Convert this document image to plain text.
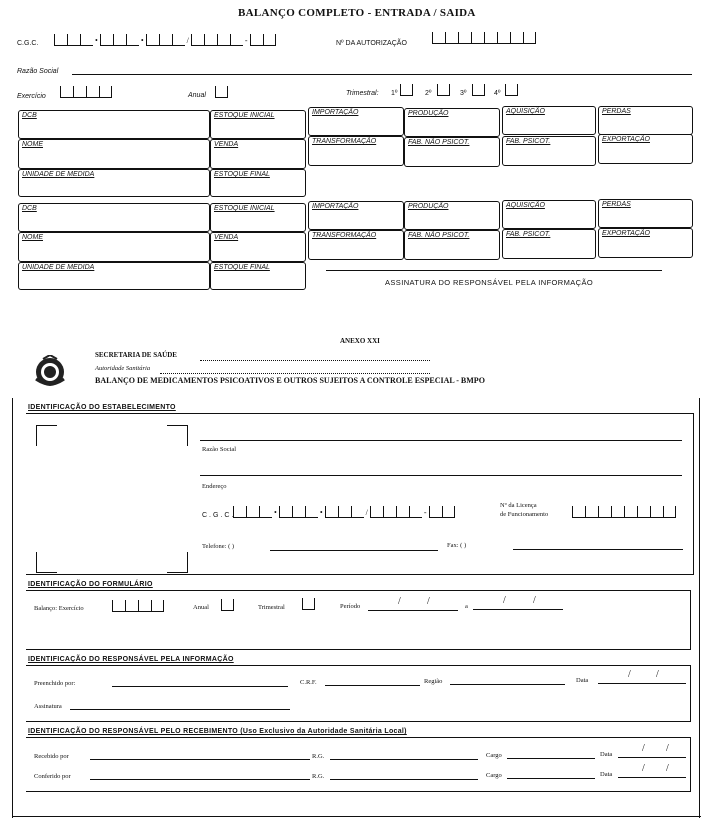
BALANÇO COMPLETO - ENTRADA / SAIDA
C.G.C.	•	•	/	-	Nº DA AUTORIZAÇÃO
Razão Social
Exercício	Anual	Trimestral: 1º	2º	3º	4º
DCB	ESTOQUE INICIAL	IMPORTAÇÃO	PRODUÇÃO	AQUISIÇÃO	PERDAS
NOME	VENDA	TRANSFORMAÇÃO	FAB. NÃO PSICOT.	FAB. PSICOT.	EXPORTAÇÃO
UNIDADE DE MEDIDA	ESTOQUE FINAL
DCB	ESTOQUE INICIAL	IMPORTAÇÃO	PRODUÇÃO	AQUISIÇÃO	PERDAS
NOME	VENDA	TRANSFORMAÇÃO	FAB. NÃO PSICOT.	FAB. PSICOT.	EXPORTAÇÃO
UNIDADE DE MEDIDA	ESTOQUE FINAL
ASSINATURA DO RESPONSÁVEL PELA INFORMAÇÃO
ANEXO XXI
SECRETARIA DE SAÚDE
Autoridade Sanitária
BALANÇO DE MEDICAMENTOS PSICOATIVOS E OUTROS SUJEITOS A CONTROLE ESPECIAL - BMPO
IDENTIFICAÇÃO DO ESTABELECIMENTO
Razão Social
Endereço
C.G.C.	•	•	/	-
Nº da Licença
de Funcionamento
Telefone: ( )	Fax: ( )
IDENTIFICAÇÃO DO FORMULÁRIO
Balanço: Exercício	Anual	Trimestral	Período	/	/	a
/	/
IDENTIFICAÇÃO DO RESPONSÁVEL PELA INFORMAÇÃO
Preenchido por:	C.R.F.	Região	Data
/	/
Assinatura
IDENTIFICAÇÃO DO RESPONSÁVEL PELO RECEBIMENTO (Uso Exclusivo da Autoridade Sanitária Local)
Recebido por	R.G.	Cargo	Data
/ /
Conferido por	R.G.	Cargo	Data
/ /
